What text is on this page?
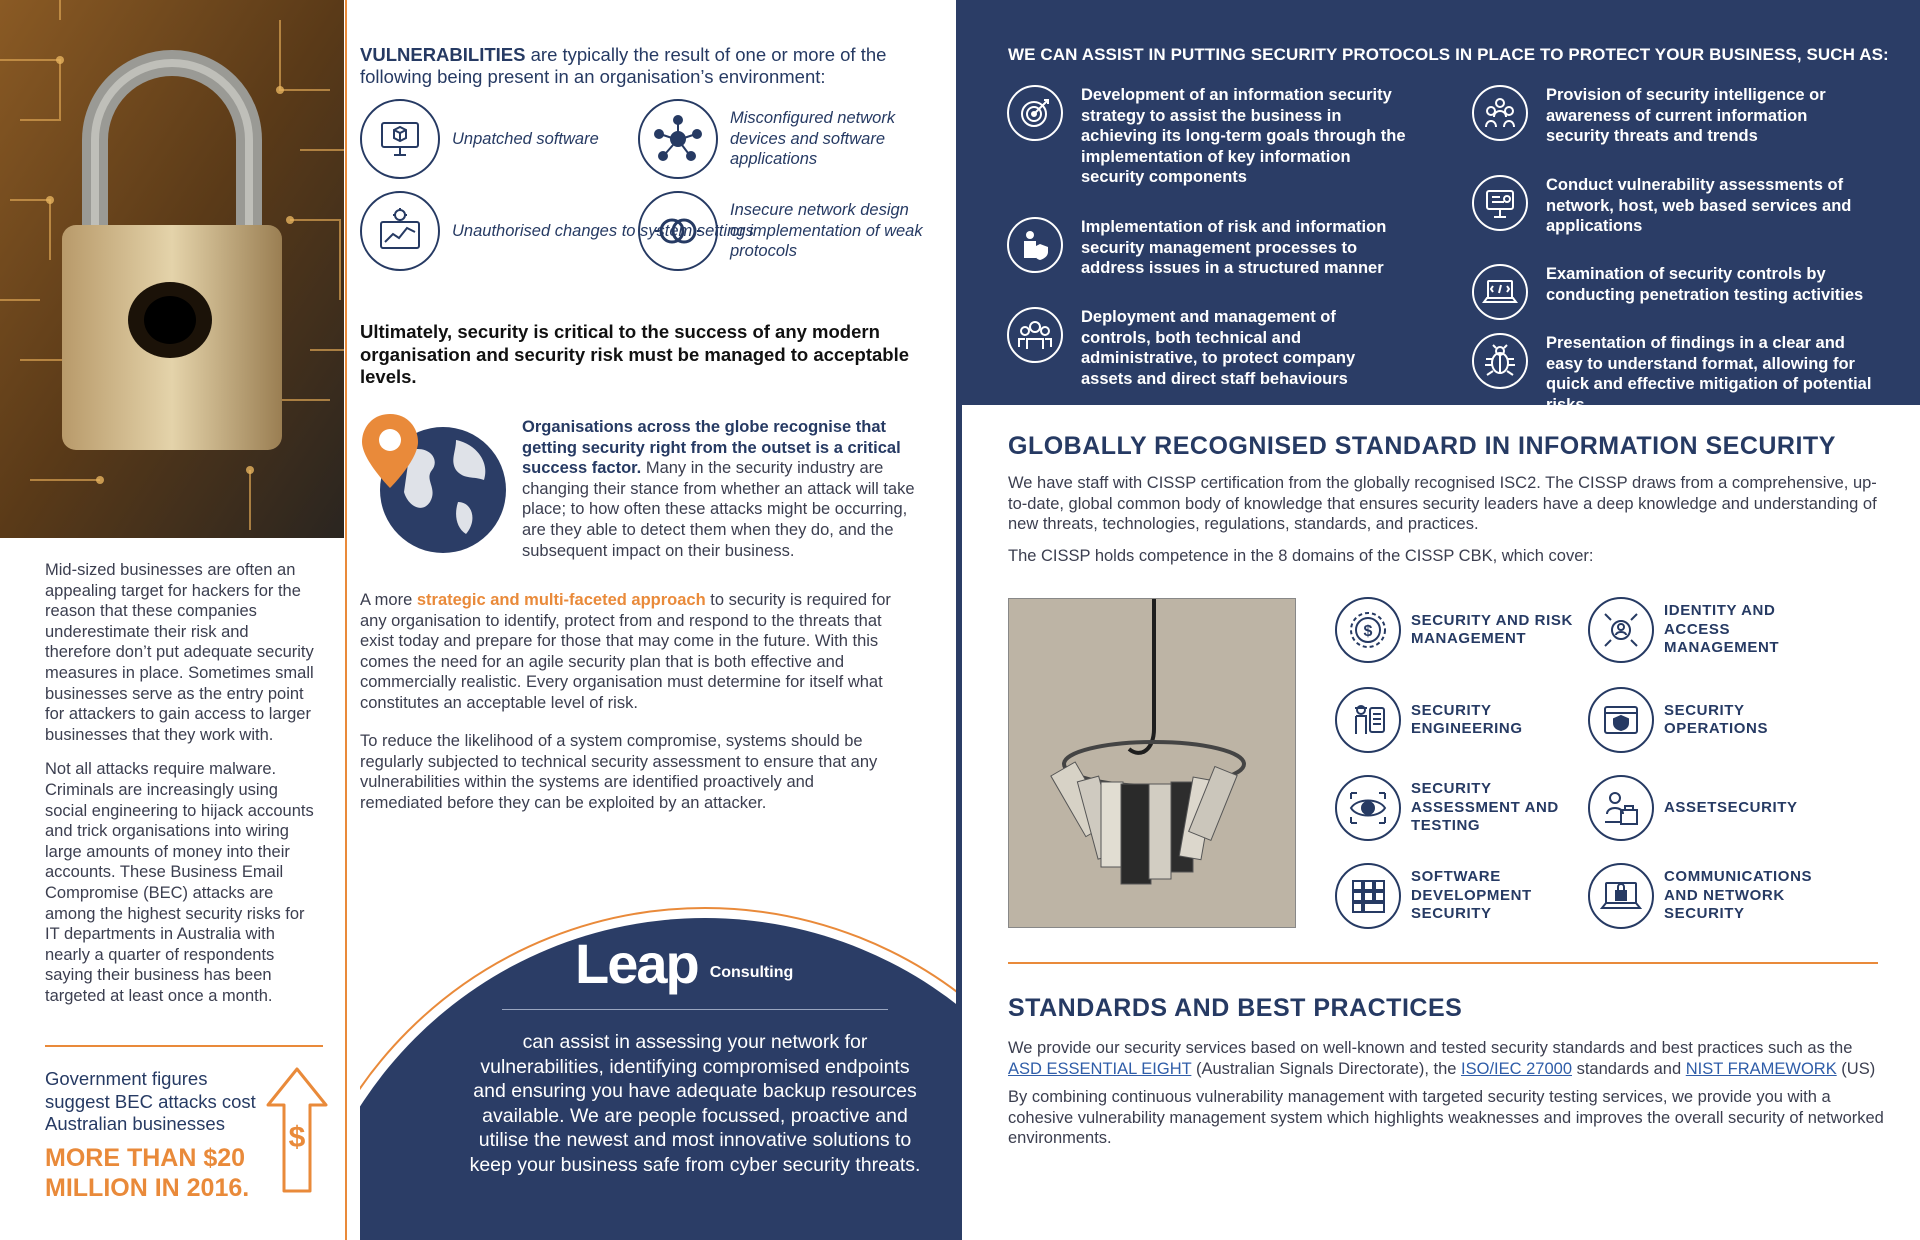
Mid-sized businesses are often an appealing target for hackers for the reason that these companies underestimate their risk and therefore don’t put adequate security measures in place. Sometimes small businesses serve as the entry point for attackers to gain access to larger businesses that they work with.

Not all attacks require malware. Criminals are increasingly using social engineering to hijack accounts and trick organisations into wiring large amounts of money into their accounts. These Business Email Compromise (BEC) attacks are among the highest security risks for IT departments in Australia with nearly a quarter of respondents saying their business has been targeted at least once a month.

Government figures suggest BEC attacks cost Australian businesses
MORE THAN $20 MILLION IN 2016.
$
VULNERABILITIES are typically the result of one or more of the following being present in an organisation’s environment:
Unpatched software
Misconfigured network devices and software applications
Unauthorised changes to system settings
Insecure network design or implementation of weak protocols
Ultimately, security is critical to the success of any modern organisation and security risk must be managed to acceptable levels.
Organisations across the globe recognise that getting security right from the outset is a critical success factor. Many in the security industry are changing their stance from whether an attack will take place; to how often these attacks might be occurring, are they able to detect them when they do, and the subsequent impact on their business.
A more strategic and multi-faceted approach to security is required for any organisation to identify, protect from and respond to the threats that exist today and prepare for those that may come in the future. With this comes the need for an agile security plan that is both effective and commercially realistic. Every organisation must determine for itself what constitutes an acceptable level of risk.
To reduce the likelihood of a system compromise, systems should be regularly subjected to technical security assessment to ensure that any vulnerabilities within the systems are identified proactively and remediated before they can be exploited by an attacker.
Leap Consulting
can assist in assessing your network for vulnerabilities, identifying compromised endpoints and ensuring you have adequate backup resources available. We are people focussed, proactive and utilise the newest and most innovative solutions to keep your business safe from cyber security threats.
WE CAN ASSIST IN PUTTING SECURITY PROTOCOLS IN PLACE TO PROTECT YOUR BUSINESS, SUCH AS:
Development of an information security strategy to assist the business in achieving its long-term goals through the implementation of key information security components
Implementation of risk and information security management processes to address issues in a structured manner
Deployment and management of controls, both technical and administrative, to protect company assets and direct staff behaviours
Provision of security intelligence or awareness of current information security threats and trends
Conduct vulnerability assessments of network, host, web based services and applications
Examination of security controls by conducting penetration testing activities
Presentation of findings in a clear and easy to understand format, allowing for quick and effective mitigation of potential risks.
GLOBALLY RECOGNISED STANDARD IN INFORMATION SECURITY
We have staff with CISSP certification from the globally recognised ISC2. The CISSP draws from a comprehensive, up-to-date, global common body of knowledge that ensures security leaders have a deep knowledge and understanding of new threats, technologies, regulations, standards, and practices.
The CISSP holds competence in the 8 domains of the CISSP CBK, which cover:
$
SECURITY AND RISK MANAGEMENT
IDENTITY AND ACCESS MANAGEMENT
SECURITY ENGINEERING
SECURITY OPERATIONS
SECURITY ASSESSMENT AND TESTING
ASSETSECURITY
SOFTWARE DEVELOPMENT SECURITY
COMMUNICATIONS AND NETWORK SECURITY
STANDARDS AND BEST PRACTICES
We provide our security services based on well-known and tested security standards and best practices such as the ASD ESSENTIAL EIGHT (Australian Signals Directorate), the ISO/IEC 27000 standards and NIST FRAMEWORK (US)
By combining continuous vulnerability management with targeted security testing services, we provide you with a cohesive vulnerability management system which highlights weaknesses and improves the overall security of networked environments.
